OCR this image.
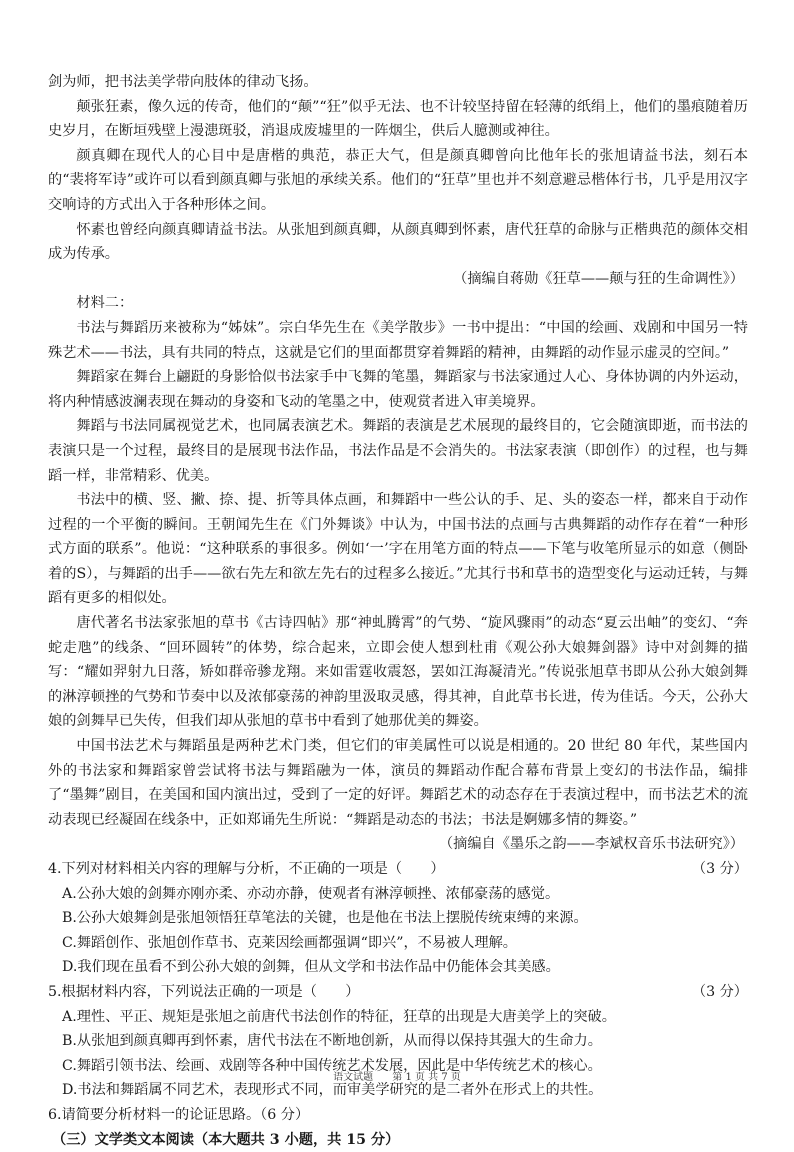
剑为师，把书法美学带向肢体的律动飞扬。

颠张狂素，像久远的传奇，他们的“颠”“狂”似乎无法、也不计较坚持留在轻薄的纸绢上，他们的墨痕随着历史岁月，在断垣残壁上漫漶斑驳，消退成废墟里的一阵烟尘，供后人臆测或神往。

颜真卿在现代人的心目中是唐楷的典范，恭正大气，但是颜真卿曾向比他年长的张旭请益书法，刻石本的“裴将军诗”或许可以看到颜真卿与张旭的承续关系。他们的“狂草”里也并不刻意避忌楷体行书，几乎是用汉字交响诗的方式出入于各种形体之间。

怀素也曾经向颜真卿请益书法。从张旭到颜真卿，从颜真卿到怀素，唐代狂草的命脉与正楷典范的颜体交相成为传承。

（摘编自蒋勋《狂草——颠与狂的生命调性》）

材料二：

书法与舞蹈历来被称为“姊妹”。宗白华先生在《美学散步》一书中提出：“中国的绘画、戏剧和中国另一特殊艺术——书法，具有共同的特点，这就是它们的里面都贯穿着舞蹈的精神，由舞蹈的动作显示虚灵的空间。”

舞蹈家在舞台上翩跹的身影恰似书法家手中飞舞的笔墨，舞蹈家与书法家通过人心、身体协调的内外运动，将内种情感波澜表现在舞动的身姿和飞动的笔墨之中，使观赏者进入审美境界。

舞蹈与书法同属视觉艺术，也同属表演艺术。舞蹈的表演是艺术展现的最终目的，它会随演即逝，而书法的表演只是一个过程，最终目的是展现书法作品，书法作品是不会消失的。书法家表演（即创作）的过程，也与舞蹈一样，非常精彩、优美。

书法中的横、竖、撇、捺、提、折等具体点画，和舞蹈中一些公认的手、足、头的姿态一样，都来自于动作过程的一个平衡的瞬间。王朝闻先生在《门外舞谈》中认为，中国书法的点画与古典舞蹈的动作存在着“一种形式方面的联系”。他说：“这种联系的事很多。例如‘一’字在用笔方面的特点——下笔与收笔所显示的如意（侧卧着的S），与舞蹈的出手——欲右先左和欲左先右的过程多么接近。”尤其行书和草书的造型变化与运动迁转，与舞蹈有更多的相似处。

唐代著名书法家张旭的草书《古诗四帖》那“神虬腾霄”的气势、“旋风骤雨”的动态“夏云出岫”的变幻、“奔蛇走虺”的线条、“回环圆转”的体势，综合起来，立即会使人想到杜甫《观公孙大娘舞剑器》诗中对剑舞的描写：“耀如羿射九日落，矫如群帝骖龙翔。来如雷霆收震怒，罢如江海凝清光。”传说张旭草书即从公孙大娘剑舞的淋淳顿挫的气势和节奏中以及浓郁豪荡的神韵里汲取灵感，得其神，自此草书长进，传为佳话。今天，公孙大娘的剑舞早已失传，但我们却从张旭的草书中看到了她那优美的舞姿。

中国书法艺术与舞蹈虽是两种艺术门类，但它们的审美属性可以说是相通的。20 世纪 80 年代，某些国内外的书法家和舞蹈家曾尝试将书法与舞蹈融为一体，演员的舞蹈动作配合幕布背景上变幻的书法作品，编排了“墨舞”剧目，在美国和国内演出过，受到了一定的好评。舞蹈艺术的动态存在于表演过程中，而书法艺术的流动表现已经凝固在线条中，正如郑诵先生所说：“舞蹈是动态的书法；书法是婀娜多情的舞姿。”

（摘编自《墨乐之韵——李斌权音乐书法研究》）

4.下列对材料相关内容的理解与分析，不正确的一项是（　　）	（3 分）

A.公孙大娘的剑舞亦刚亦柔、亦动亦静，使观者有淋淳顿挫、浓郁豪荡的感觉。

B.公孙大娘舞剑是张旭领悟狂草笔法的关键，也是他在书法上摆脱传统束缚的来源。

C.舞蹈创作、张旭创作草书、克莱因绘画都强调“即兴”，不易被人理解。

D.我们现在虽看不到公孙大娘的剑舞，但从文学和书法作品中仍能体会其美感。

5.根据材料内容，下列说法正确的一项是（　　）	（3 分）

A.理性、平正、规矩是张旭之前唐代书法创作的特征，狂草的出现是大唐美学上的突破。

B.从张旭到颜真卿再到怀素，唐代书法在不断地创新，从而得以保持其强大的生命力。

C.舞蹈引领书法、绘画、戏剧等各种中国传统艺术发展，因此是中华传统艺术的核心。

D.书法和舞蹈属不同艺术，表现形式不同，而审美学研究的是二者外在形式上的共性。

6.请简要分析材料一的论证思路。（6 分）

（三）文学类文本阅读（本大题共 3 小题，共 15 分）

语文试题 第 1 页 共 7 页
